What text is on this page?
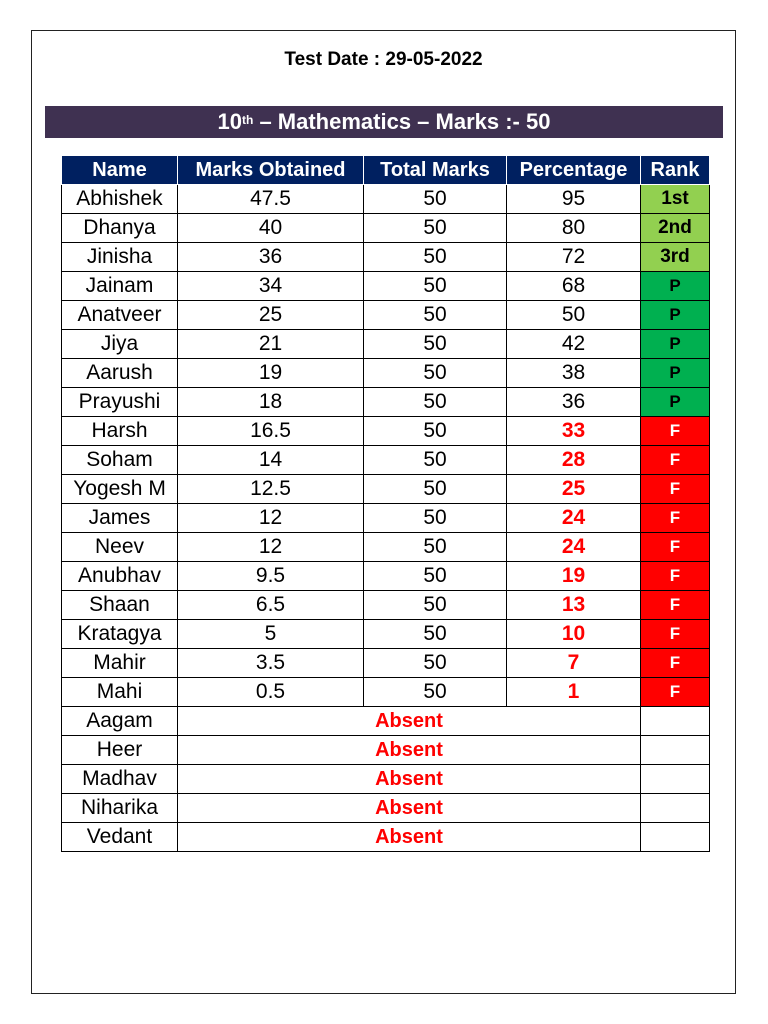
Test Date : 29-05-2022
10th – Mathematics – Marks :- 50
Name	Marks Obtained	Total Marks	Percentage	Rank
Abhishek	47.5	50	95	1st
Dhanya	40	50	80	2nd
Jinisha	36	50	72	3rd
Jainam	34	50	68	P
Anatveer	25	50	50	P
Jiya	21	50	42	P
Aarush	19	50	38	P
Prayushi	18	50	36	P
Harsh	16.5	50	33	F
Soham	14	50	28	F
Yogesh M	12.5	50	25	F
James	12	50	24	F
Neev	12	50	24	F
Anubhav	9.5	50	19	F
Shaan	6.5	50	13	F
Kratagya	5	50	10	F
Mahir	3.5	50	7	F
Mahi	0.5	50	1	F
Aagam	Absent			
Heer	Absent			
Madhav	Absent			
Niharika	Absent			
Vedant	Absent			
